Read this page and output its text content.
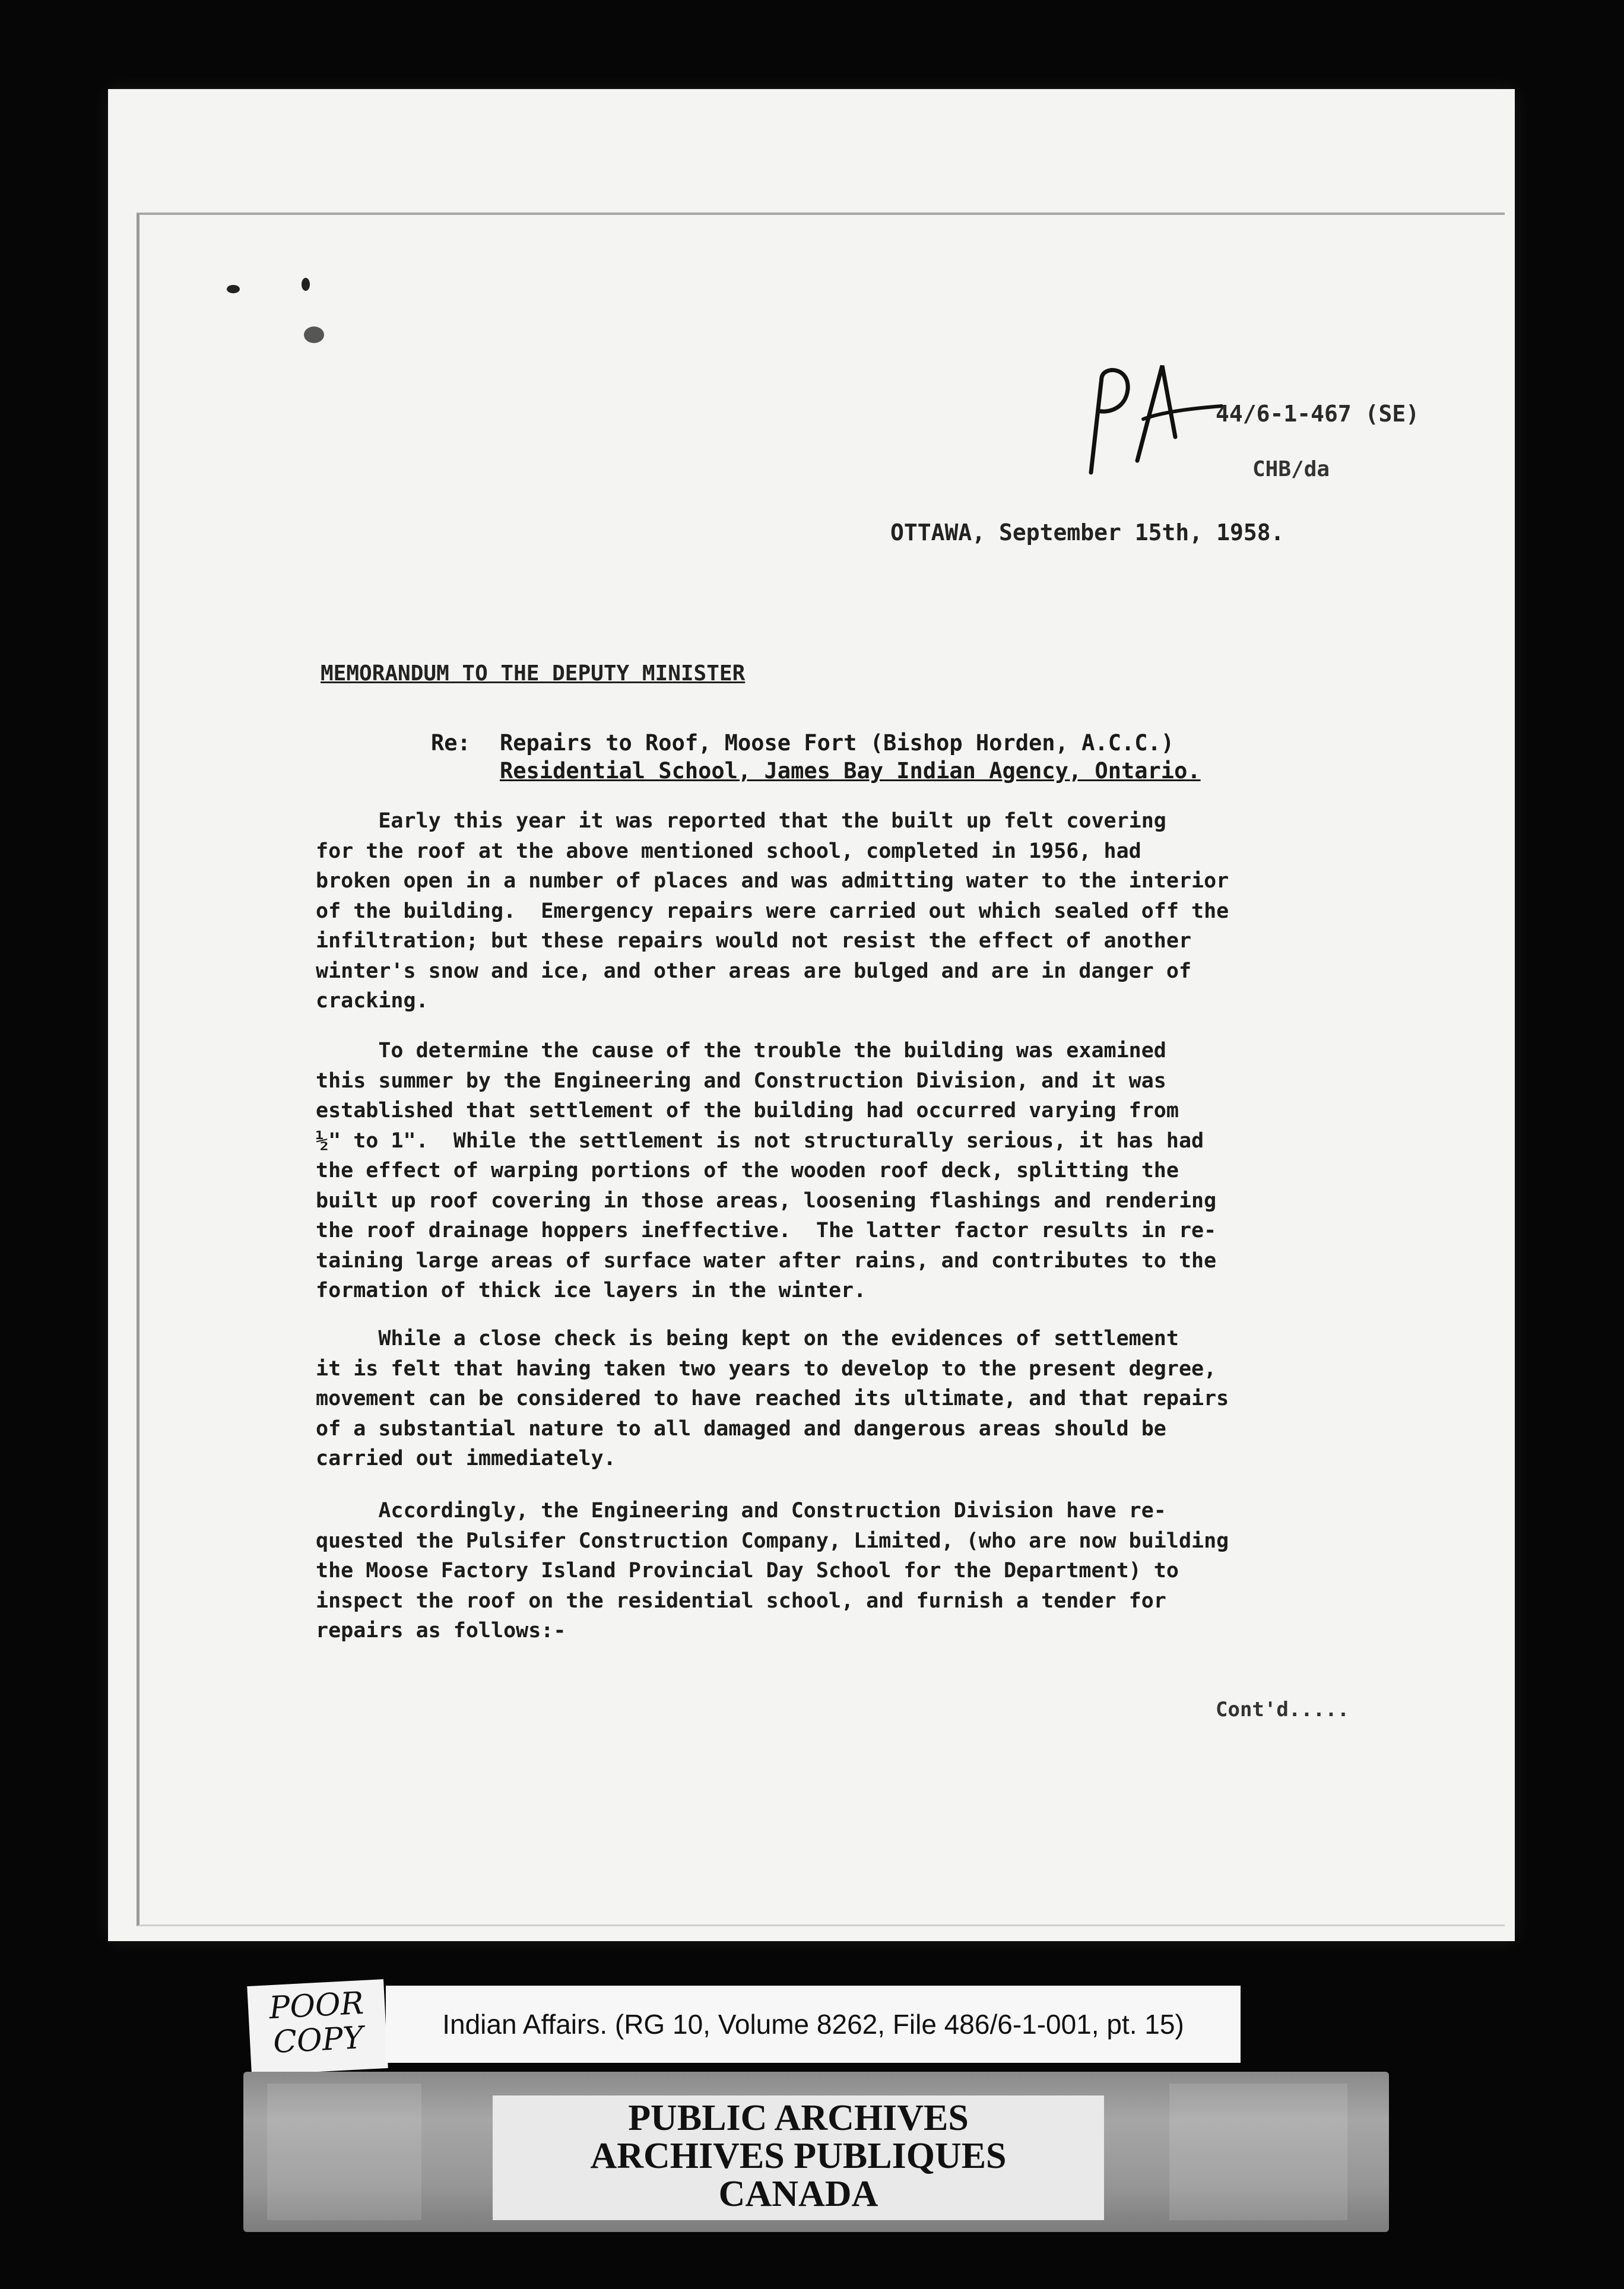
44/6-1-467 (SE)
CHB/da
OTTAWA, September 15th, 1958.
MEMORANDUM TO THE DEPUTY MINISTER
Re: Repairs to Roof, Moose Fort (Bishop Horden, A.C.C.)
Residential School, James Bay Indian Agency, Ontario.

Early this year it was reported that the built up felt covering
for the roof at the above mentioned school, completed in 1956, had
broken open in a number of places and was admitting water to the interior
of the building.  Emergency repairs were carried out which sealed off the
infiltration; but these repairs would not resist the effect of another
winter's snow and ice, and other areas are bulged and are in danger of
cracking.

To determine the cause of the trouble the building was examined
this summer by the Engineering and Construction Division, and it was
established that settlement of the building had occurred varying from
½" to 1".  While the settlement is not structurally serious, it has had
the effect of warping portions of the wooden roof deck, splitting the
built up roof covering in those areas, loosening flashings and rendering
the roof drainage hoppers ineffective.  The latter factor results in re-
taining large areas of surface water after rains, and contributes to the
formation of thick ice layers in the winter.

While a close check is being kept on the evidences of settlement
it is felt that having taken two years to develop to the present degree,
movement can be considered to have reached its ultimate, and that repairs
of a substantial nature to all damaged and dangerous areas should be
carried out immediately.

Accordingly, the Engineering and Construction Division have re-
quested the Pulsifer Construction Company, Limited, (who are now building
the Moose Factory Island Provincial Day School for the Department) to
inspect the roof on the residential school, and furnish a tender for
repairs as follows:-

Cont'd.....
POOR
COPY	Indian Affairs. (RG 10, Volume 8262, File 486/6-1-001, pt. 15)
PUBLIC ARCHIVES
ARCHIVES PUBLIQUES
CANADA
